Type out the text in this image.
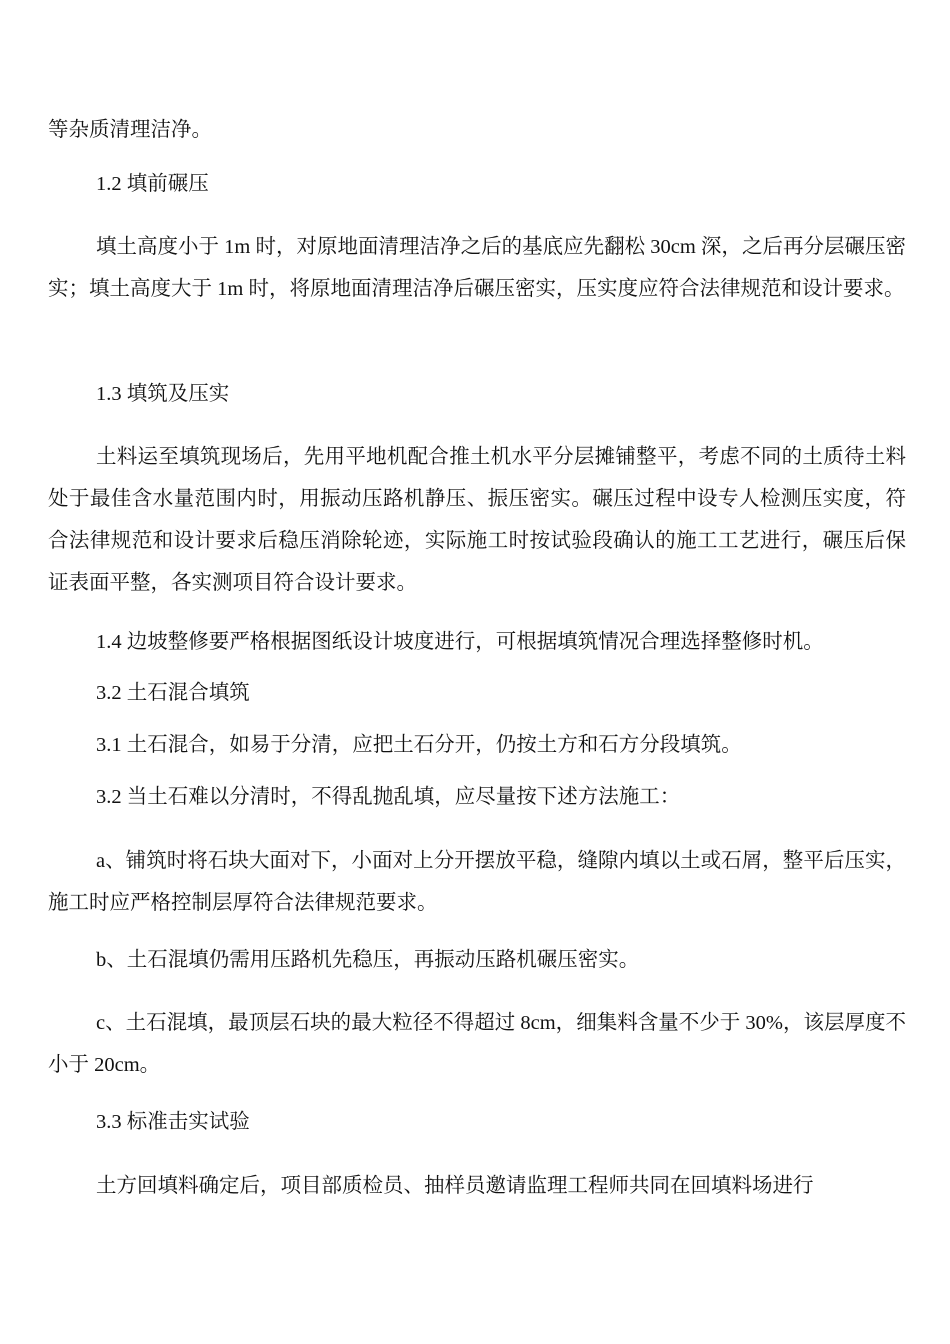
等杂质清理洁净。

1.2 填前碾压

填土高度小于 1m 时，对原地面清理洁净之后的基底应先翻松 30cm 深，之后再分层碾压密实；填土高度大于 1m 时，将原地面清理洁净后碾压密实，压实度应符合法律规范和设计要求。

1.3 填筑及压实

土料运至填筑现场后，先用平地机配合推土机水平分层摊铺整平，考虑不同的土质待土料处于最佳含水量范围内时，用振动压路机静压、振压密实。碾压过程中设专人检测压实度，符合法律规范和设计要求后稳压消除轮迹，实际施工时按试验段确认的施工工艺进行，碾压后保证表面平整，各实测项目符合设计要求。

1.4 边坡整修要严格根据图纸设计坡度进行，可根据填筑情况合理选择整修时机。

3.2 土石混合填筑

3.1 土石混合，如易于分清，应把土石分开，仍按土方和石方分段填筑。

3.2 当土石难以分清时，不得乱抛乱填，应尽量按下述方法施工：

a、铺筑时将石块大面对下，小面对上分开摆放平稳，缝隙内填以土或石屑，整平后压实，施工时应严格控制层厚符合法律规范要求。

b、土石混填仍需用压路机先稳压，再振动压路机碾压密实。

c、土石混填，最顶层石块的最大粒径不得超过 8cm，细集料含量不少于 30%，该层厚度不小于 20cm。

3.3 标准击实试验

土方回填料确定后，项目部质检员、抽样员邀请监理工程师共同在回填料场进行
